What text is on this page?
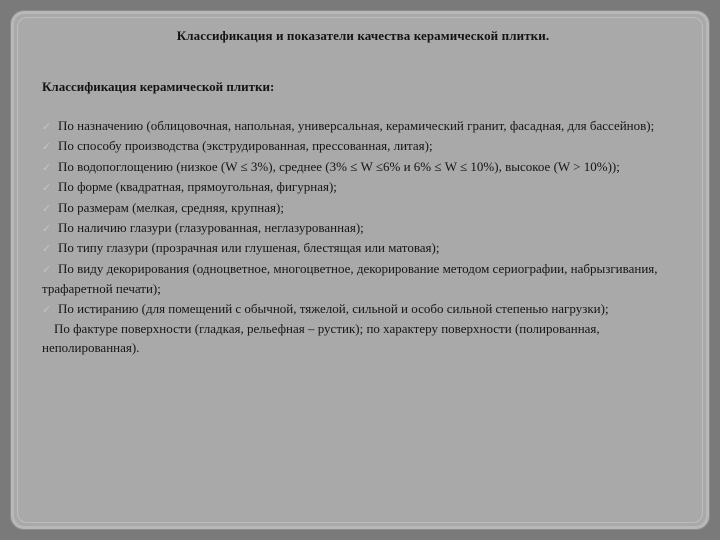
Классификация и показатели качества керамической плитки.
Классификация керамической плитки:
✓ По назначению (облицовочная, напольная, универсальная, керамический гранит, фасадная, для бассейнов);
✓ По способу производства (экструдированная, прессованная, литая);
✓ По водопоглощению (низкое (W ≤ 3%), среднее (3% ≤ W ≤6% и 6% ≤ W ≤ 10%), высокое (W > 10%));
✓ По форме (квадратная, прямоугольная, фигурная);
✓ По размерам (мелкая, средняя, крупная);
✓ По наличию глазури (глазурованная, неглазурованная);
✓ По типу глазури (прозрачная или глушеная, блестящая или матовая);
✓ По виду декорирования (одноцветное, многоцветное, декорирование методом сериографии, набрызгивания, трафаретной печати);
✓ По истиранию (для помещений с обычной, тяжелой, сильной и особо сильной степенью нагрузки);
По фактуре поверхности (гладкая, рельефная – рустик); по характеру поверхности (полированная, неполированная).
